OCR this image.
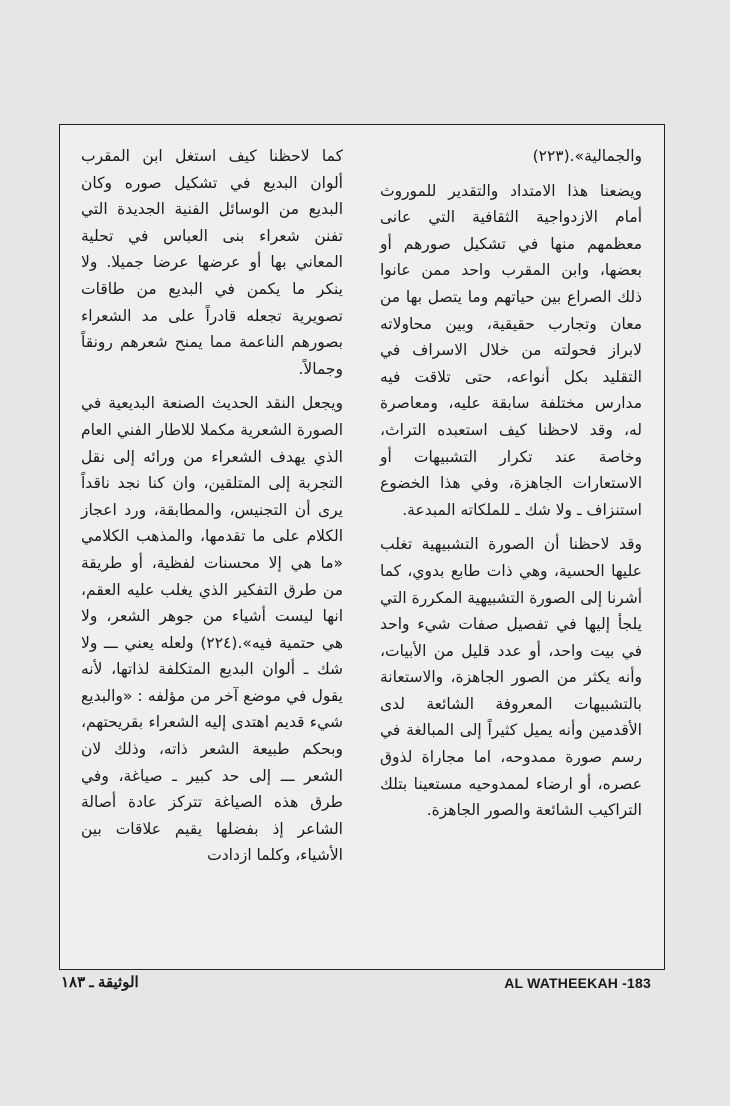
والجمالية».(٢٢٣)

ويضعنا هذا الامتداد والتقدير للموروث أمام الازدواجية الثقافية التي عانى معظمهم منها في تشكيل صورهم أو بعضها، وابن المقرب واحد ممن عانوا ذلك الصراع بين حياتهم وما يتصل بها من معان وتجارب حقيقية، وبين محاولاته لابراز فحولته من خلال الاسراف في التقليد بكل أنواعه، حتى تلاقت فيه مدارس مختلفة سابقة عليه، ومعاصرة له، وقد لاحظنا كيف استعبده التراث، وخاصة عند تكرار التشبيهات أو الاستعارات الجاهزة، وفي هذا الخضوع استنزاف ـ ولا شك ـ للملكاته المبدعة.

وقد لاحظنا أن الصورة التشبيهية تغلب عليها الحسية، وهي ذات طابع بدوي، كما أشرنا إلى الصورة التشبيهية المكررة التي يلجأ إليها في تفصيل صفات شيء واحد في بيت واحد، أو عدد قليل من الأبيات، وأنه يكثر من الصور الجاهزة، والاستعانة بالتشبيهات المعروفة الشائعة لدى الأقدمين وأنه يميل كثيراً إلى المبالغة في رسم صورة ممدوحه، اما مجاراة لذوق عصره، أو ارضاء لممدوحيه مستعينا بتلك التراكيب الشائعة والصور الجاهزة.

كما لاحظنا كيف استغل ابن المقرب ألوان البديع في تشكيل صوره وكان البديع من الوسائل الفنية الجديدة التي تفنن شعراء بنى العباس في تحلية المعاني بها أو عرضها عرضا جميلا. ولا ينكر ما يكمن في البديع من طاقات تصويرية تجعله قادراً على مد الشعراء بصورهم الناعمة مما يمنح شعرهم رونقاً وجمالاً.

ويجعل النقد الحديث الصنعة البديعية في الصورة الشعرية مكملا للاطار الفني العام الذي يهدف الشعراء من ورائه إلى نقل التجربة إلى المتلقين، وان كنا نجد ناقداً يرى أن التجنيس، والمطابقة، ورد اعجاز الكلام على ما تقدمها، والمذهب الكلامي «ما هي إلا محسنات لفظية، أو طريقة من طرق التفكير الذي يغلب عليه العقم، انها ليست أشياء من جوهر الشعر، ولا هي حتمية فيه».(٢٢٤) ولعله يعني ـــ ولا شك ـ ألوان البديع المتكلفة لذاتها، لأنه يقول في موضع آخر من مؤلفه : «والبديع شيء قديم اهتدى إليه الشعراء بقريحتهم، وبحكم طبيعة الشعر ذاته، وذلك لان الشعر ـــ إلى حد كبير ـ صياغة، وفي طرق هذه الصياغة تتركز عادة أصالة الشاعر إذ بفضلها يقيم علاقات بين الأشياء، وكلما ازدادت

الوثيقة ـ ١٨٣	AL WATHEEKAH -183
